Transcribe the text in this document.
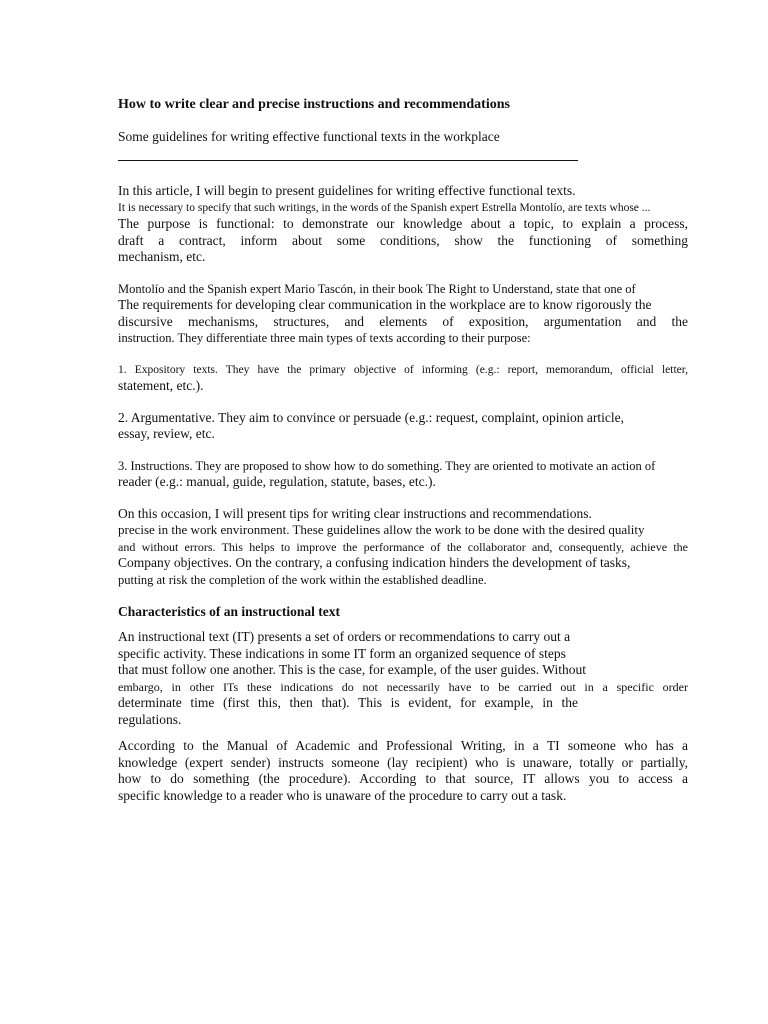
How to write clear and precise instructions and recommendations
Some guidelines for writing effective functional texts in the workplace

In this article, I will begin to present guidelines for writing effective functional texts.
It is necessary to specify that such writings, in the words of the Spanish expert Estrella Montolío, are texts whose ...
The purpose is functional: to demonstrate our knowledge about a topic, to explain a process,
draft a contract, inform about some conditions, show the functioning of something
mechanism, etc.

Montolío and the Spanish expert Mario Tascón, in their book The Right to Understand, state that one of
The requirements for developing clear communication in the workplace are to know rigorously the
discursive mechanisms, structures, and elements of exposition, argumentation and the
instruction. They differentiate three main types of texts according to their purpose:

1. Expository texts. They have the primary objective of informing (e.g.: report, memorandum, official letter,
statement, etc.).

2. Argumentative. They aim to convince or persuade (e.g.: request, complaint, opinion article,
essay, review, etc.

3. Instructions. They are proposed to show how to do something. They are oriented to motivate an action of
reader (e.g.: manual, guide, regulation, statute, bases, etc.).

On this occasion, I will present tips for writing clear instructions and recommendations.
precise in the work environment. These guidelines allow the work to be done with the desired quality
and without errors. This helps to improve the performance of the collaborator and, consequently, achieve the
Company objectives. On the contrary, a confusing indication hinders the development of tasks,
putting at risk the completion of the work within the established deadline.

Characteristics of an instructional text

An instructional text (IT) presents a set of orders or recommendations to carry out a
specific activity. These indications in some IT form an organized sequence of steps
that must follow one another. This is the case, for example, of the user guides. Without
embargo, in other ITs these indications do not necessarily have to be carried out in a specific order
determinate time (first this, then that). This is evident, for example, in the
regulations.

According to the Manual of Academic and Professional Writing, in a TI someone who has a
knowledge (expert sender) instructs someone (lay recipient) who is unaware, totally or partially,
how to do something (the procedure). According to that source, IT allows you to access a
specific knowledge to a reader who is unaware of the procedure to carry out a task.
